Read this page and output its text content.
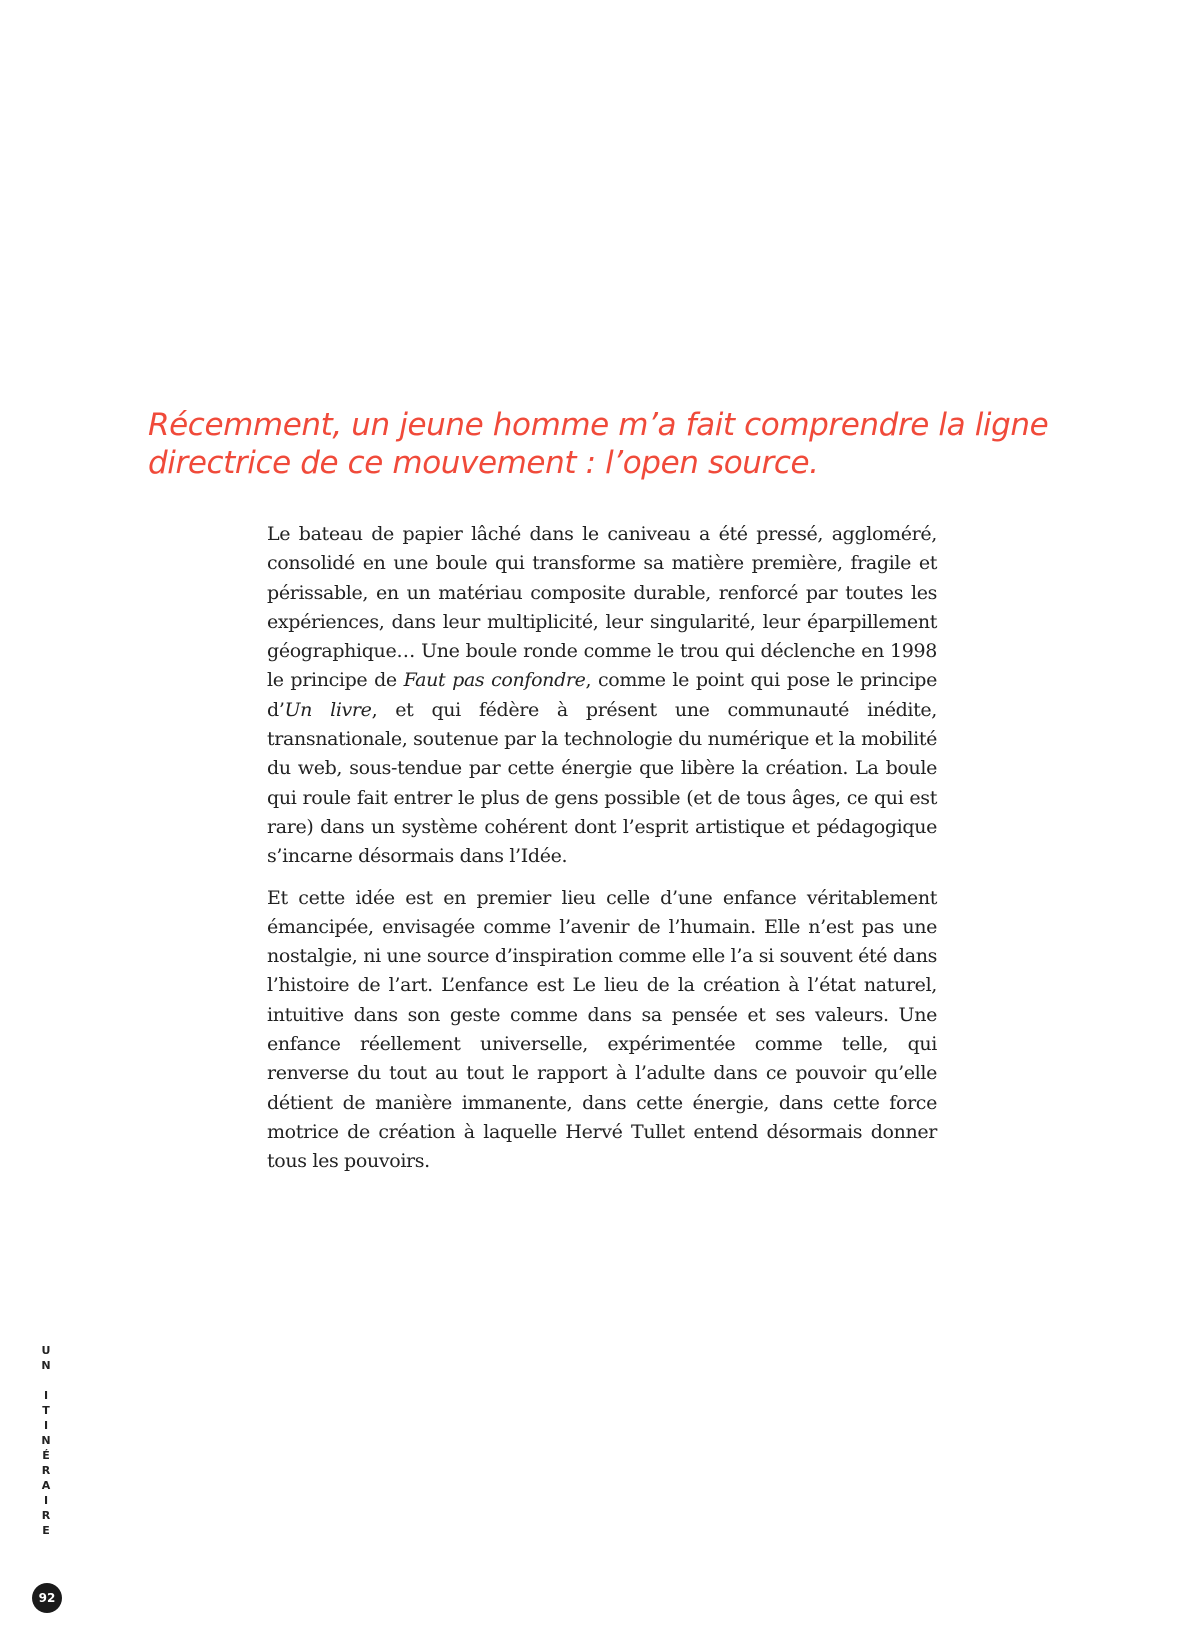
Récemment, un jeune homme m’a fait comprendre la ligne
directrice de ce mouvement : l’open source.

Le bateau de papier lâché dans le caniveau a été pressé, aggloméré, consolidé en une boule qui transforme sa matière première, fragile et périssable, en un matériau composite durable, renforcé par toutes les expériences, dans leur multiplicité, leur singularité, leur éparpillement géographique… Une boule ronde comme le trou qui déclenche en 1998 le principe de Faut pas confondre, comme le point qui pose le principe d’Un livre, et qui fédère à présent une communauté inédite, transnationale, soutenue par la technologie du numérique et la mobilité du web, sous-tendue par cette énergie que libère la création. La boule qui roule fait entrer le plus de gens possible (et de tous âges, ce qui est rare) dans un système cohérent dont l’esprit artistique et pédagogique s’incarne désormais dans l’Idée.

Et cette idée est en premier lieu celle d’une enfance véritablement émancipée, envisagée comme l’avenir de l’humain. Elle n’est pas une nostalgie, ni une source d’inspiration comme elle l’a si souvent été dans l’histoire de l’art. L’enfance est Le lieu de la création à l’état naturel, intuitive dans son geste comme dans sa pensée et ses valeurs. Une enfance réellement universelle, expérimentée comme telle, qui renverse du tout au tout le rapport à l’adulte dans ce pouvoir qu’elle détient de manière immanente, dans cette énergie, dans cette force motrice de création à laquelle Hervé Tullet entend désormais donner tous les pouvoirs.

U
N
I
T
I
N
É
R
A
I
R
E
92
